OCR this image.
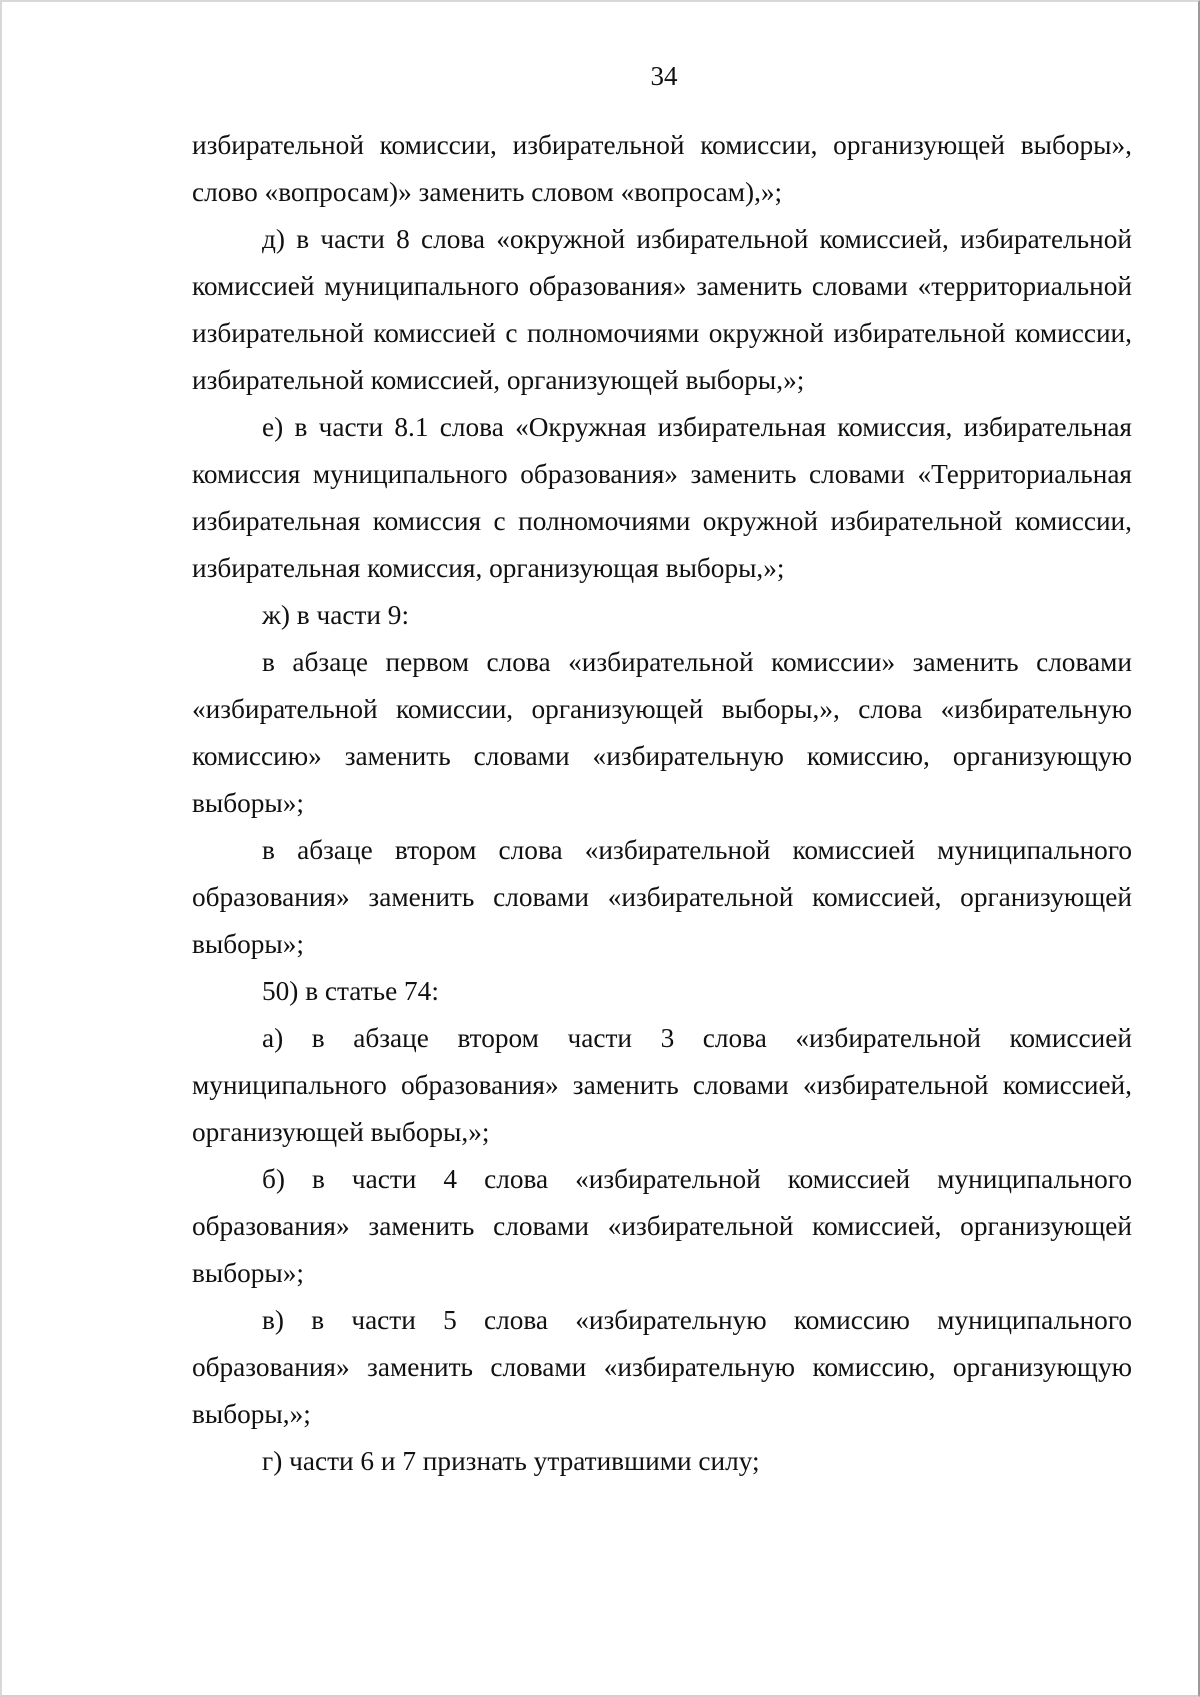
34

избирательной комиссии, избирательной комиссии, организующей выборы», слово «вопросам)» заменить словом «вопросам),»;

д) в части 8 слова «окружной избирательной комиссией, избирательной комиссией муниципального образования» заменить словами «территориальной избирательной комиссией с полномочиями окружной избирательной комиссии, избирательной комиссией, организующей выборы,»;

е) в части 8.1 слова «Окружная избирательная комиссия, избирательная комиссия муниципального образования» заменить словами «Территориальная избирательная комиссия с полномочиями окружной избирательной комиссии, избирательная комиссия, организующая выборы,»;

ж) в части 9:

в абзаце первом слова «избирательной комиссии» заменить словами «избирательной комиссии, организующей выборы,», слова «избирательную комиссию» заменить словами «избирательную комиссию, организующую выборы»;

в абзаце втором слова «избирательной комиссией муниципального образования» заменить словами «избирательной комиссией, организующей выборы»;

50) в статье 74:

а) в абзаце втором части 3 слова «избирательной комиссией муниципального образования» заменить словами «избирательной комиссией, организующей выборы,»;

б) в части 4 слова «избирательной комиссией муниципального образования» заменить словами «избирательной комиссией, организующей выборы»;

в) в части 5 слова «избирательную комиссию муниципального образования» заменить словами «избирательную комиссию, организующую выборы,»;

г) части 6 и 7 признать утратившими силу;
